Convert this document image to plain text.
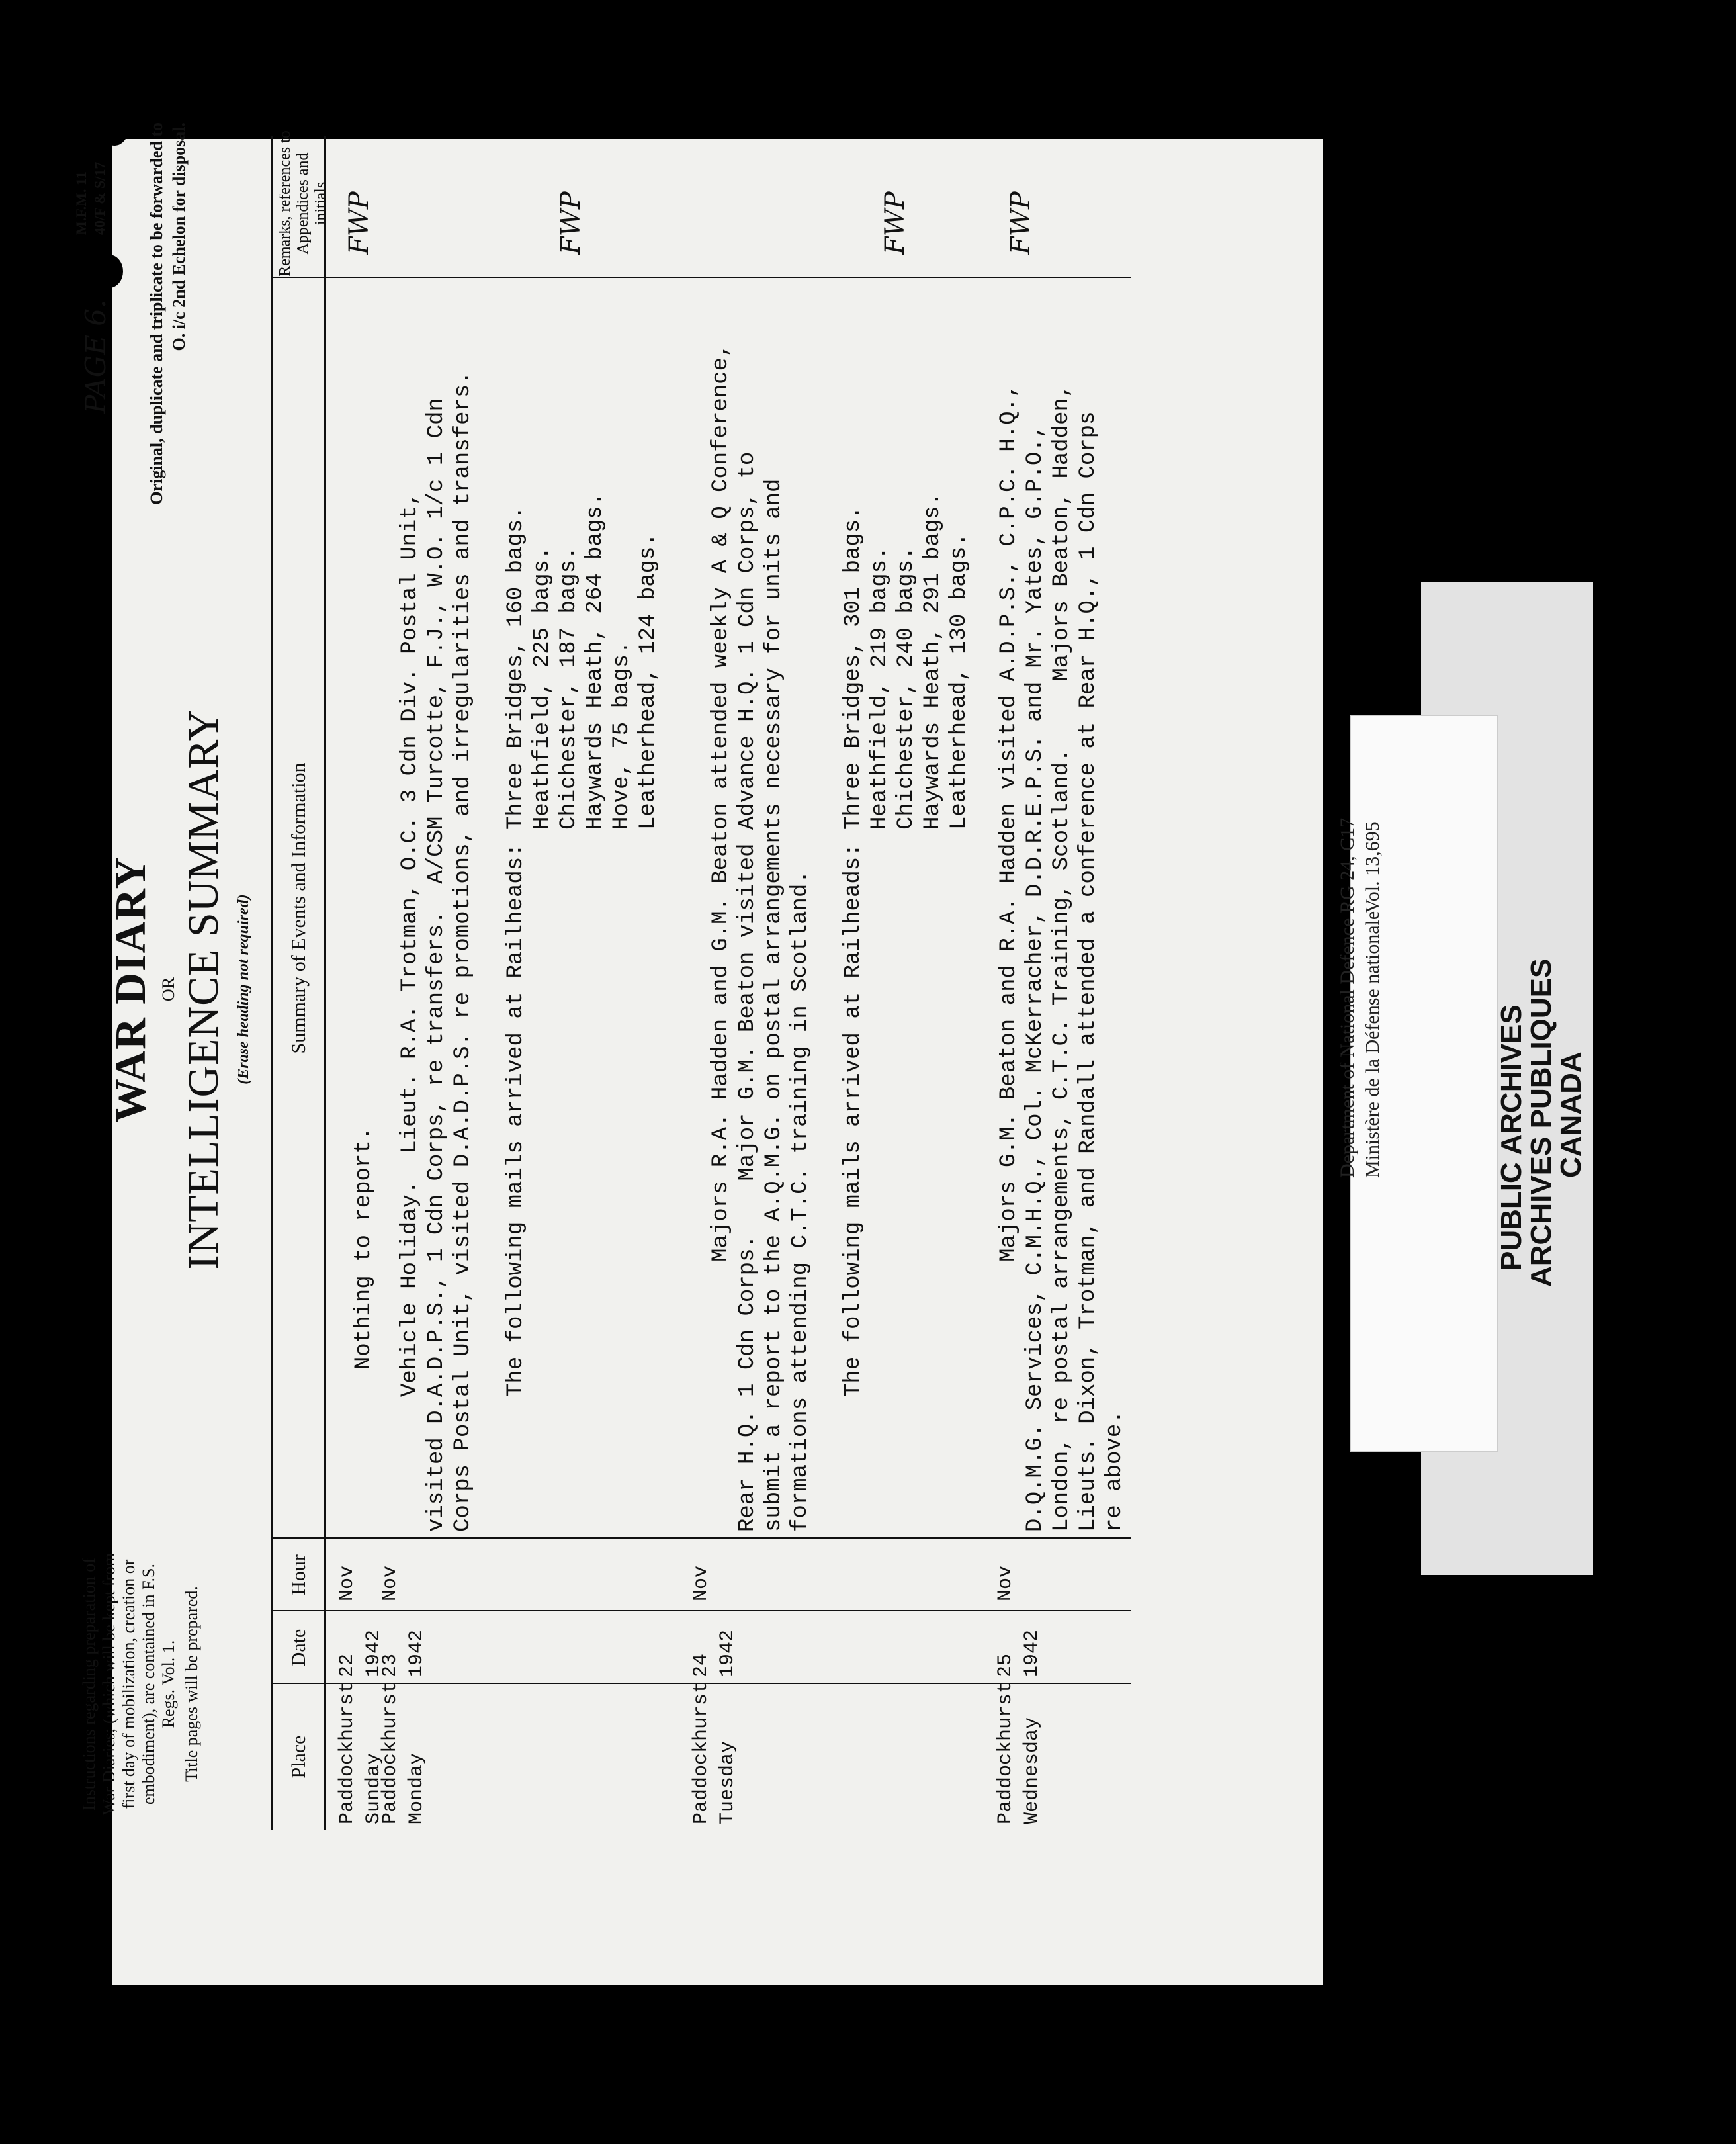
Instructions regarding preparation of War Diaries; (which will be kept from first day of mobilization, creation or embodiment), are contained in F.S. Regs. Vol. 1. Title pages will be prepared.
WAR DIARY OR INTELLIGENCE SUMMARY (Erase heading not required)
PAGE 6.
M.F.M. 11 40/F & S/17 Original, duplicate and triplicate to be forwarded to O. i/c 2nd Echelon for disposal.
Place
Date
Hour
Summary of Events and Information
Remarks, references to Appendices and initials
Paddockhurst
Sunday
22
1942
Nov
Nothing to report.
FWP
Paddockhurst
Monday
23
1942
Nov
Vehicle Holiday.  Lieut. R.A. Trotman, O.C. 3 Cdn Div. Postal Unit,
visited D.A.D.P.S., 1 Cdn Corps, re transfers.  A/CSM Turcotte, F.J., W.O. 1/c 1 Cdn
Corps Postal Unit, visited D.A.D.P.S. re promotions, and irregularities and transfers.

The following mails arrived at Railheads: Three Bridges, 160 bags.
Heathfield, 225 bags.
Chichester, 187 bags.
Haywards Heath, 264 bags.
Hove, 75 bags.
Leatherhead, 124 bags.
FWP
Paddockhurst
Tuesday
24
1942
Nov
Majors R.A. Hadden and G.M. Beaton attended weekly A & Q Conference,
Rear H.Q. 1 Cdn Corps.    Major G.M. Beaton visited Advance H.Q. 1 Cdn Corps, to
submit a report to the A.Q.M.G. on postal arrangements necessary for units and
formations attending C.T.C. training in Scotland.

The following mails arrived at Railheads: Three Bridges, 301 bags.
Heathfield, 219 bags.
Chichester, 240 bags.
Haywards Heath, 291 bags.
Leatherhead, 130 bags.
FWP
Paddockhurst
Wednesday
25
1942
Nov
Majors G.M. Beaton and R.A. Hadden visited A.D.P.S., C.P.C. H.Q.,
D.Q.M.G. Services, C.M.H.Q., Col. McKerracher, D.D.R.E.P.S. and Mr. Yates, G.P.O.,
London, re postal arrangements, C.T.C. Training, Scotland.     Majors Beaton, Hadden,
Lieuts. Dixon, Trotman, and Randall attended a conference at Rear H.Q., 1 Cdn Corps
re above.
FWP
Department of National Defence Ministère de la Défense nationale
RG 24, C17 Vol. 13,695
PUBLIC ARCHIVES
ARCHIVES PUBLIQUES
CANADA
